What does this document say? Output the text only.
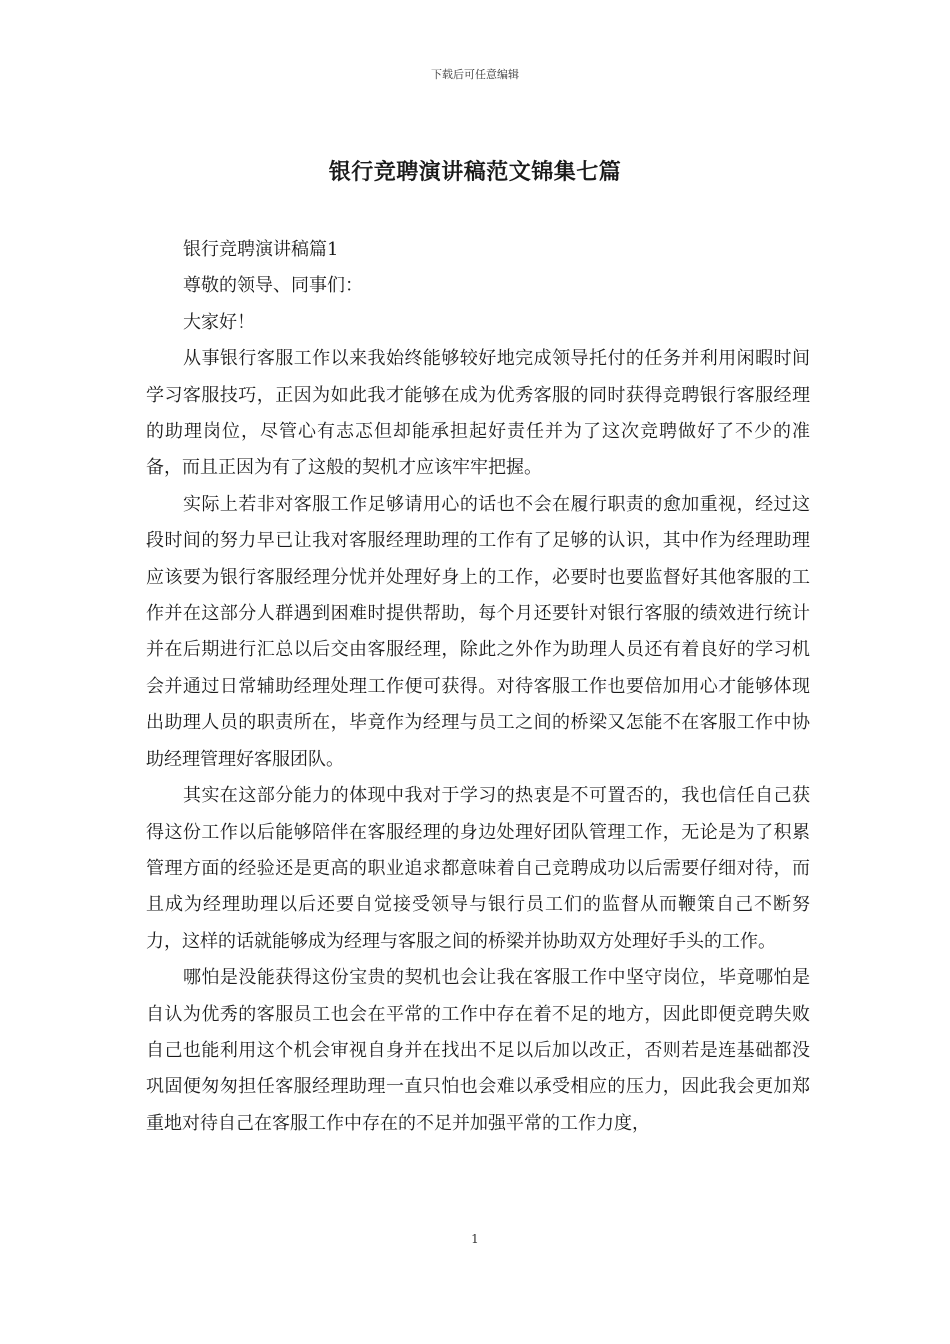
下载后可任意编辑
银行竞聘演讲稿范文锦集七篇

银行竞聘演讲稿篇1

尊敬的领导、同事们：

大家好！

从事银行客服工作以来我始终能够较好地完成领导托付的任务并利用闲暇时间学习客服技巧，正因为如此我才能够在成为优秀客服的同时获得竞聘银行客服经理的助理岗位，尽管心有志忑但却能承担起好责任并为了这次竞聘做好了不少的准备，而且正因为有了这般的契机才应该牢牢把握。

实际上若非对客服工作足够请用心的话也不会在履行职责的愈加重视，经过这段时间的努力早已让我对客服经理助理的工作有了足够的认识，其中作为经理助理应该要为银行客服经理分忧并处理好身上的工作，必要时也要监督好其他客服的工作并在这部分人群遇到困难时提供帮助，每个月还要针对银行客服的绩效进行统计并在后期进行汇总以后交由客服经理，除此之外作为助理人员还有着良好的学习机会并通过日常辅助经理处理工作便可获得。对待客服工作也要倍加用心才能够体现出助理人员的职责所在，毕竟作为经理与员工之间的桥梁又怎能不在客服工作中协助经理管理好客服团队。

其实在这部分能力的体现中我对于学习的热衷是不可置否的，我也信任自己获得这份工作以后能够陪伴在客服经理的身边处理好团队管理工作，无论是为了积累管理方面的经验还是更高的职业追求都意味着自己竞聘成功以后需要仔细对待，而且成为经理助理以后还要自觉接受领导与银行员工们的监督从而鞭策自己不断努力，这样的话就能够成为经理与客服之间的桥梁并协助双方处理好手头的工作。

哪怕是没能获得这份宝贵的契机也会让我在客服工作中坚守岗位，毕竟哪怕是自认为优秀的客服员工也会在平常的工作中存在着不足的地方，因此即便竞聘失败自己也能利用这个机会审视自身并在找出不足以后加以改正，否则若是连基础都没巩固便匆匆担任客服经理助理一直只怕也会难以承受相应的压力，因此我会更加郑重地对待自己在客服工作中存在的不足并加强平常的工作力度，

1
